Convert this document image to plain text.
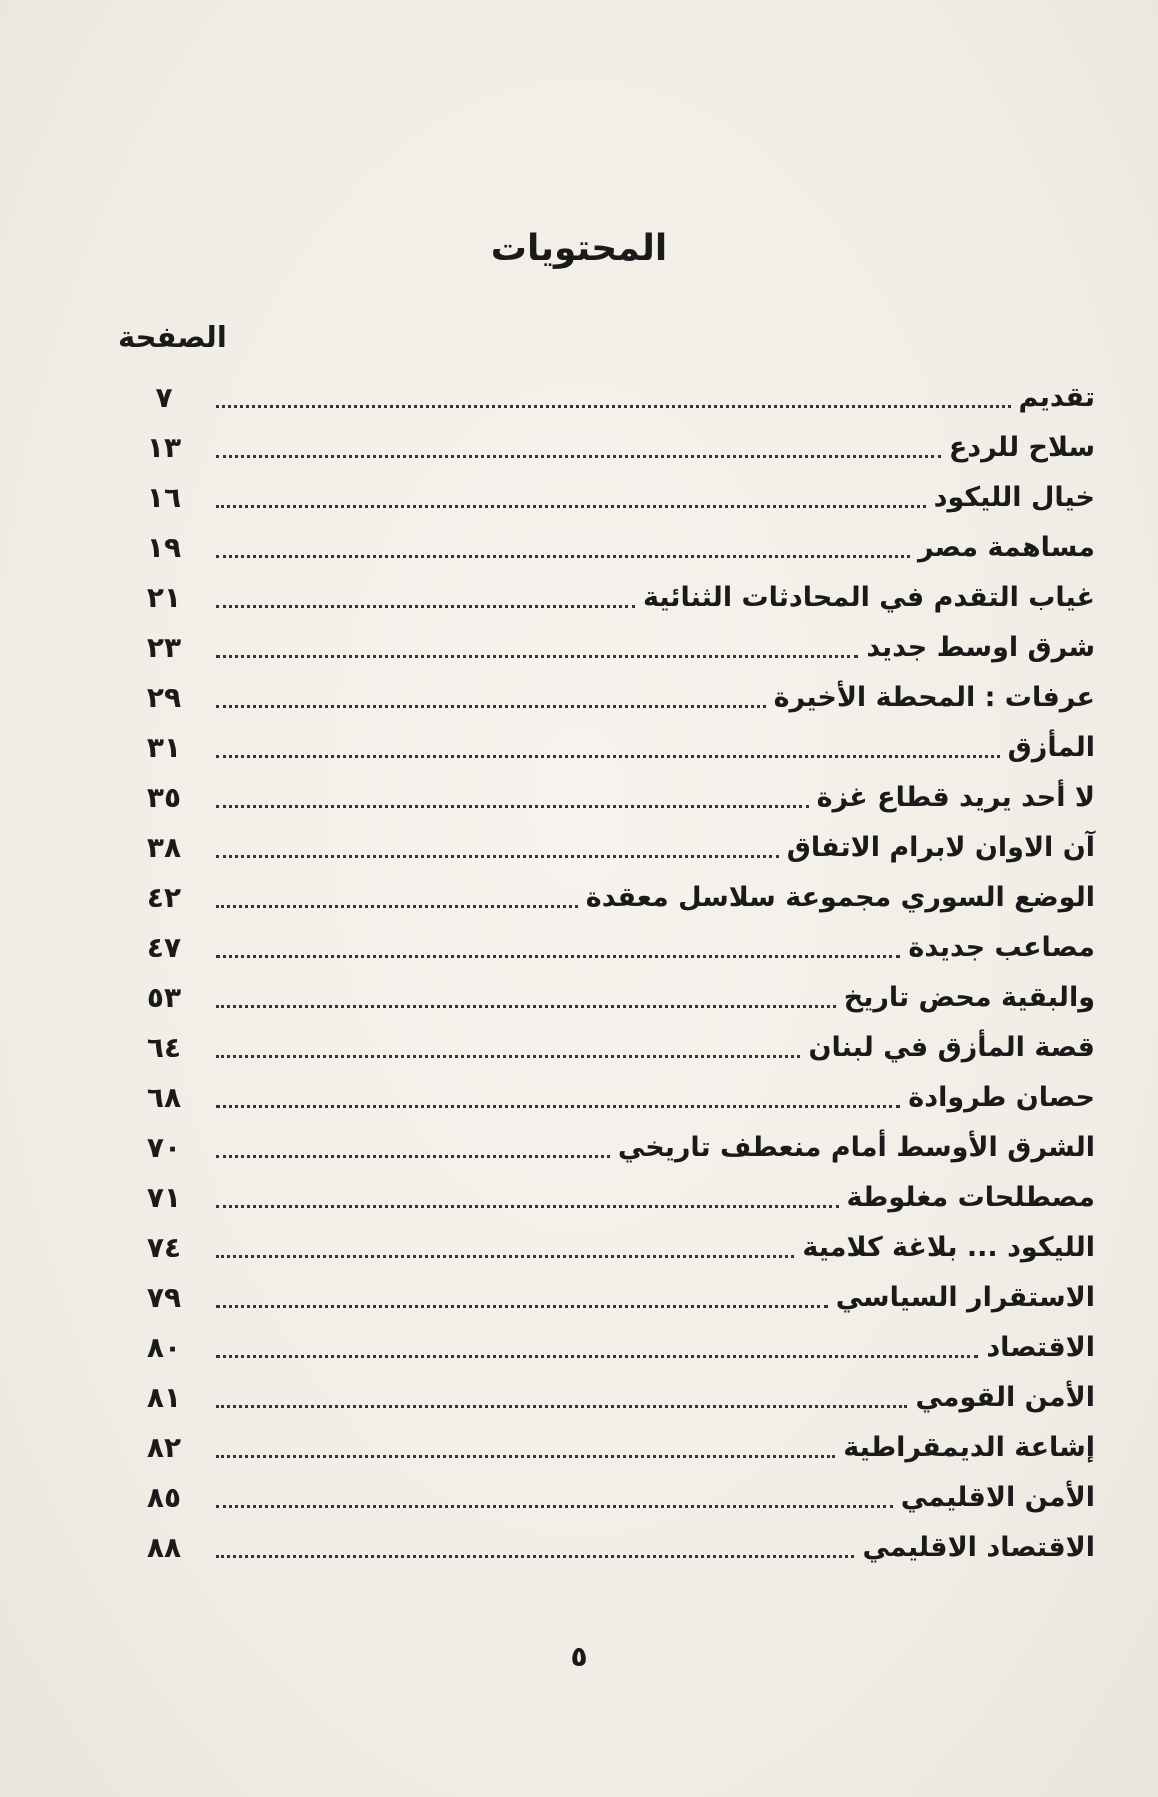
المحتويات
الصفحة
تقديم
٧
سلاح للردع
١٣
خيال الليكود
١٦
مساهمة مصر
١٩
غياب التقدم في المحادثات الثنائية
٢١
شرق اوسط جديد
٢٣
عرفات : المحطة الأخيرة
٢٩
المأزق
٣١
لا أحد يريد قطاع غزة
٣٥
آن الاوان لابرام الاتفاق
٣٨
الوضع السوري مجموعة سلاسل معقدة
٤٢
مصاعب جديدة
٤٧
والبقية محض تاريخ
٥٣
قصة المأزق في لبنان
٦٤
حصان طروادة
٦٨
الشرق الأوسط أمام منعطف تاريخي
٧٠
مصطلحات مغلوطة
٧١
الليكود ... بلاغة كلامية
٧٤
الاستقرار السياسي
٧٩
الاقتصاد
٨٠
الأمن القومي
٨١
إشاعة الديمقراطية
٨٢
الأمن الاقليمي
٨٥
الاقتصاد الاقليمي
٨٨
٥
